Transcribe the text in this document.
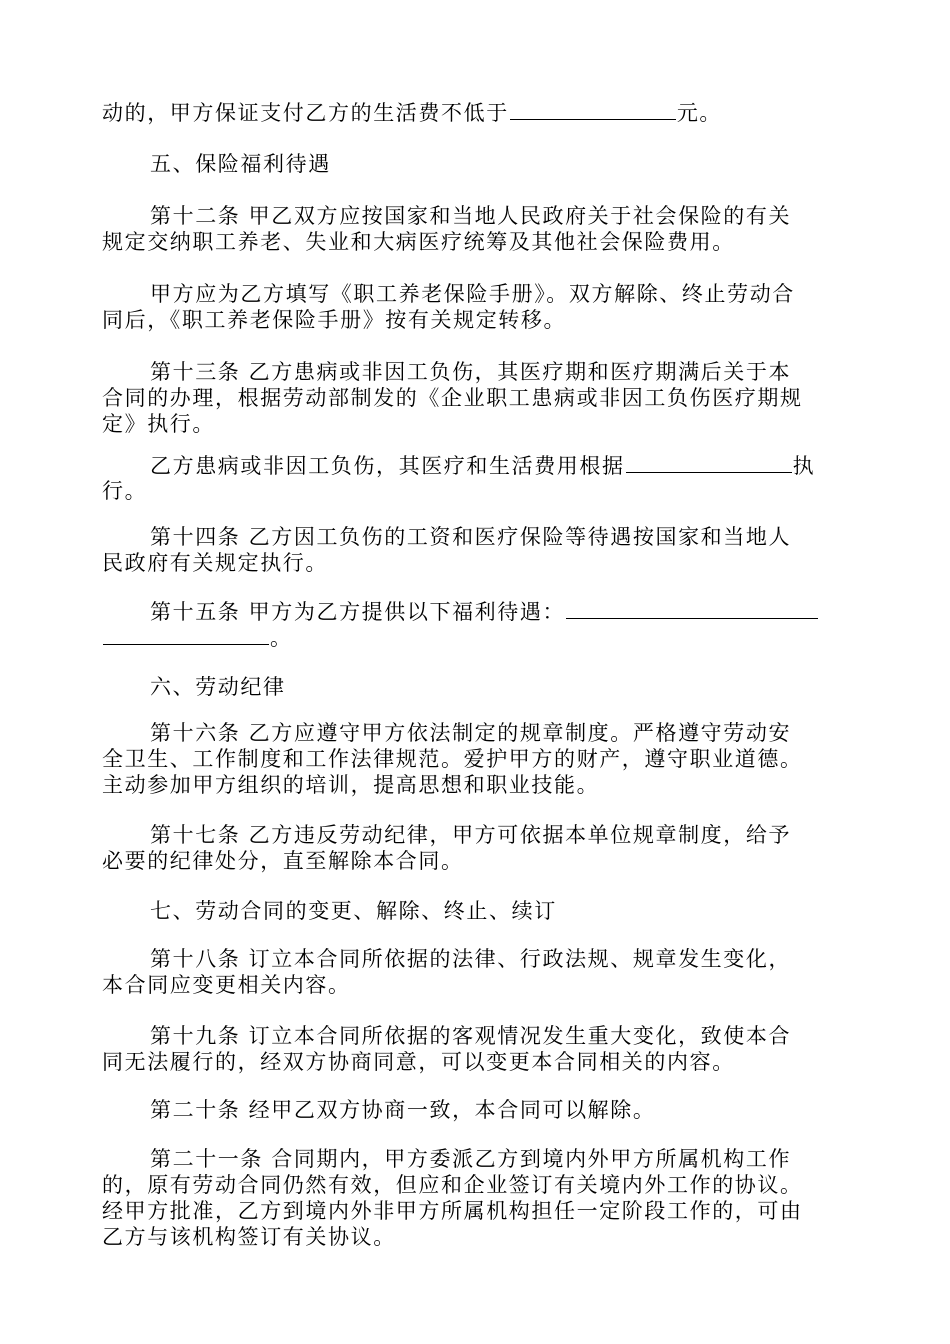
动的，甲方保证支付乙方的生活费不低于	元。
五、保险福利待遇
第十二条 甲乙双方应按国家和当地人民政府关于社会保险的有关
规定交纳职工养老、失业和大病医疗统筹及其他社会保险费用。
甲方应为乙方填写《职工养老保险手册》。双方解除、终止劳动合
同后，《职工养老保险手册》按有关规定转移。
第十三条 乙方患病或非因工负伤，其医疗期和医疗期满后关于本
合同的办理，根据劳动部制发的《企业职工患病或非因工负伤医疗期规
定》执行。
乙方患病或非因工负伤，其医疗和生活费用根据	执
行。
第十四条 乙方因工负伤的工资和医疗保险等待遇按国家和当地人
民政府有关规定执行。
第十五条 甲方为乙方提供以下福利待遇：
。
六、劳动纪律
第十六条 乙方应遵守甲方依法制定的规章制度。严格遵守劳动安
全卫生、工作制度和工作法律规范。爱护甲方的财产，遵守职业道德。
主动参加甲方组织的培训，提高思想和职业技能。
第十七条 乙方违反劳动纪律，甲方可依据本单位规章制度，给予
必要的纪律处分，直至解除本合同。
七、劳动合同的变更、解除、终止、续订
第十八条 订立本合同所依据的法律、行政法规、规章发生变化，
本合同应变更相关内容。
第十九条 订立本合同所依据的客观情况发生重大变化，致使本合
同无法履行的，经双方协商同意，可以变更本合同相关的内容。
第二十条 经甲乙双方协商一致，本合同可以解除。
第二十一条 合同期内，甲方委派乙方到境内外甲方所属机构工作
的，原有劳动合同仍然有效，但应和企业签订有关境内外工作的协议。
经甲方批准，乙方到境内外非甲方所属机构担任一定阶段工作的，可由
乙方与该机构签订有关协议。
